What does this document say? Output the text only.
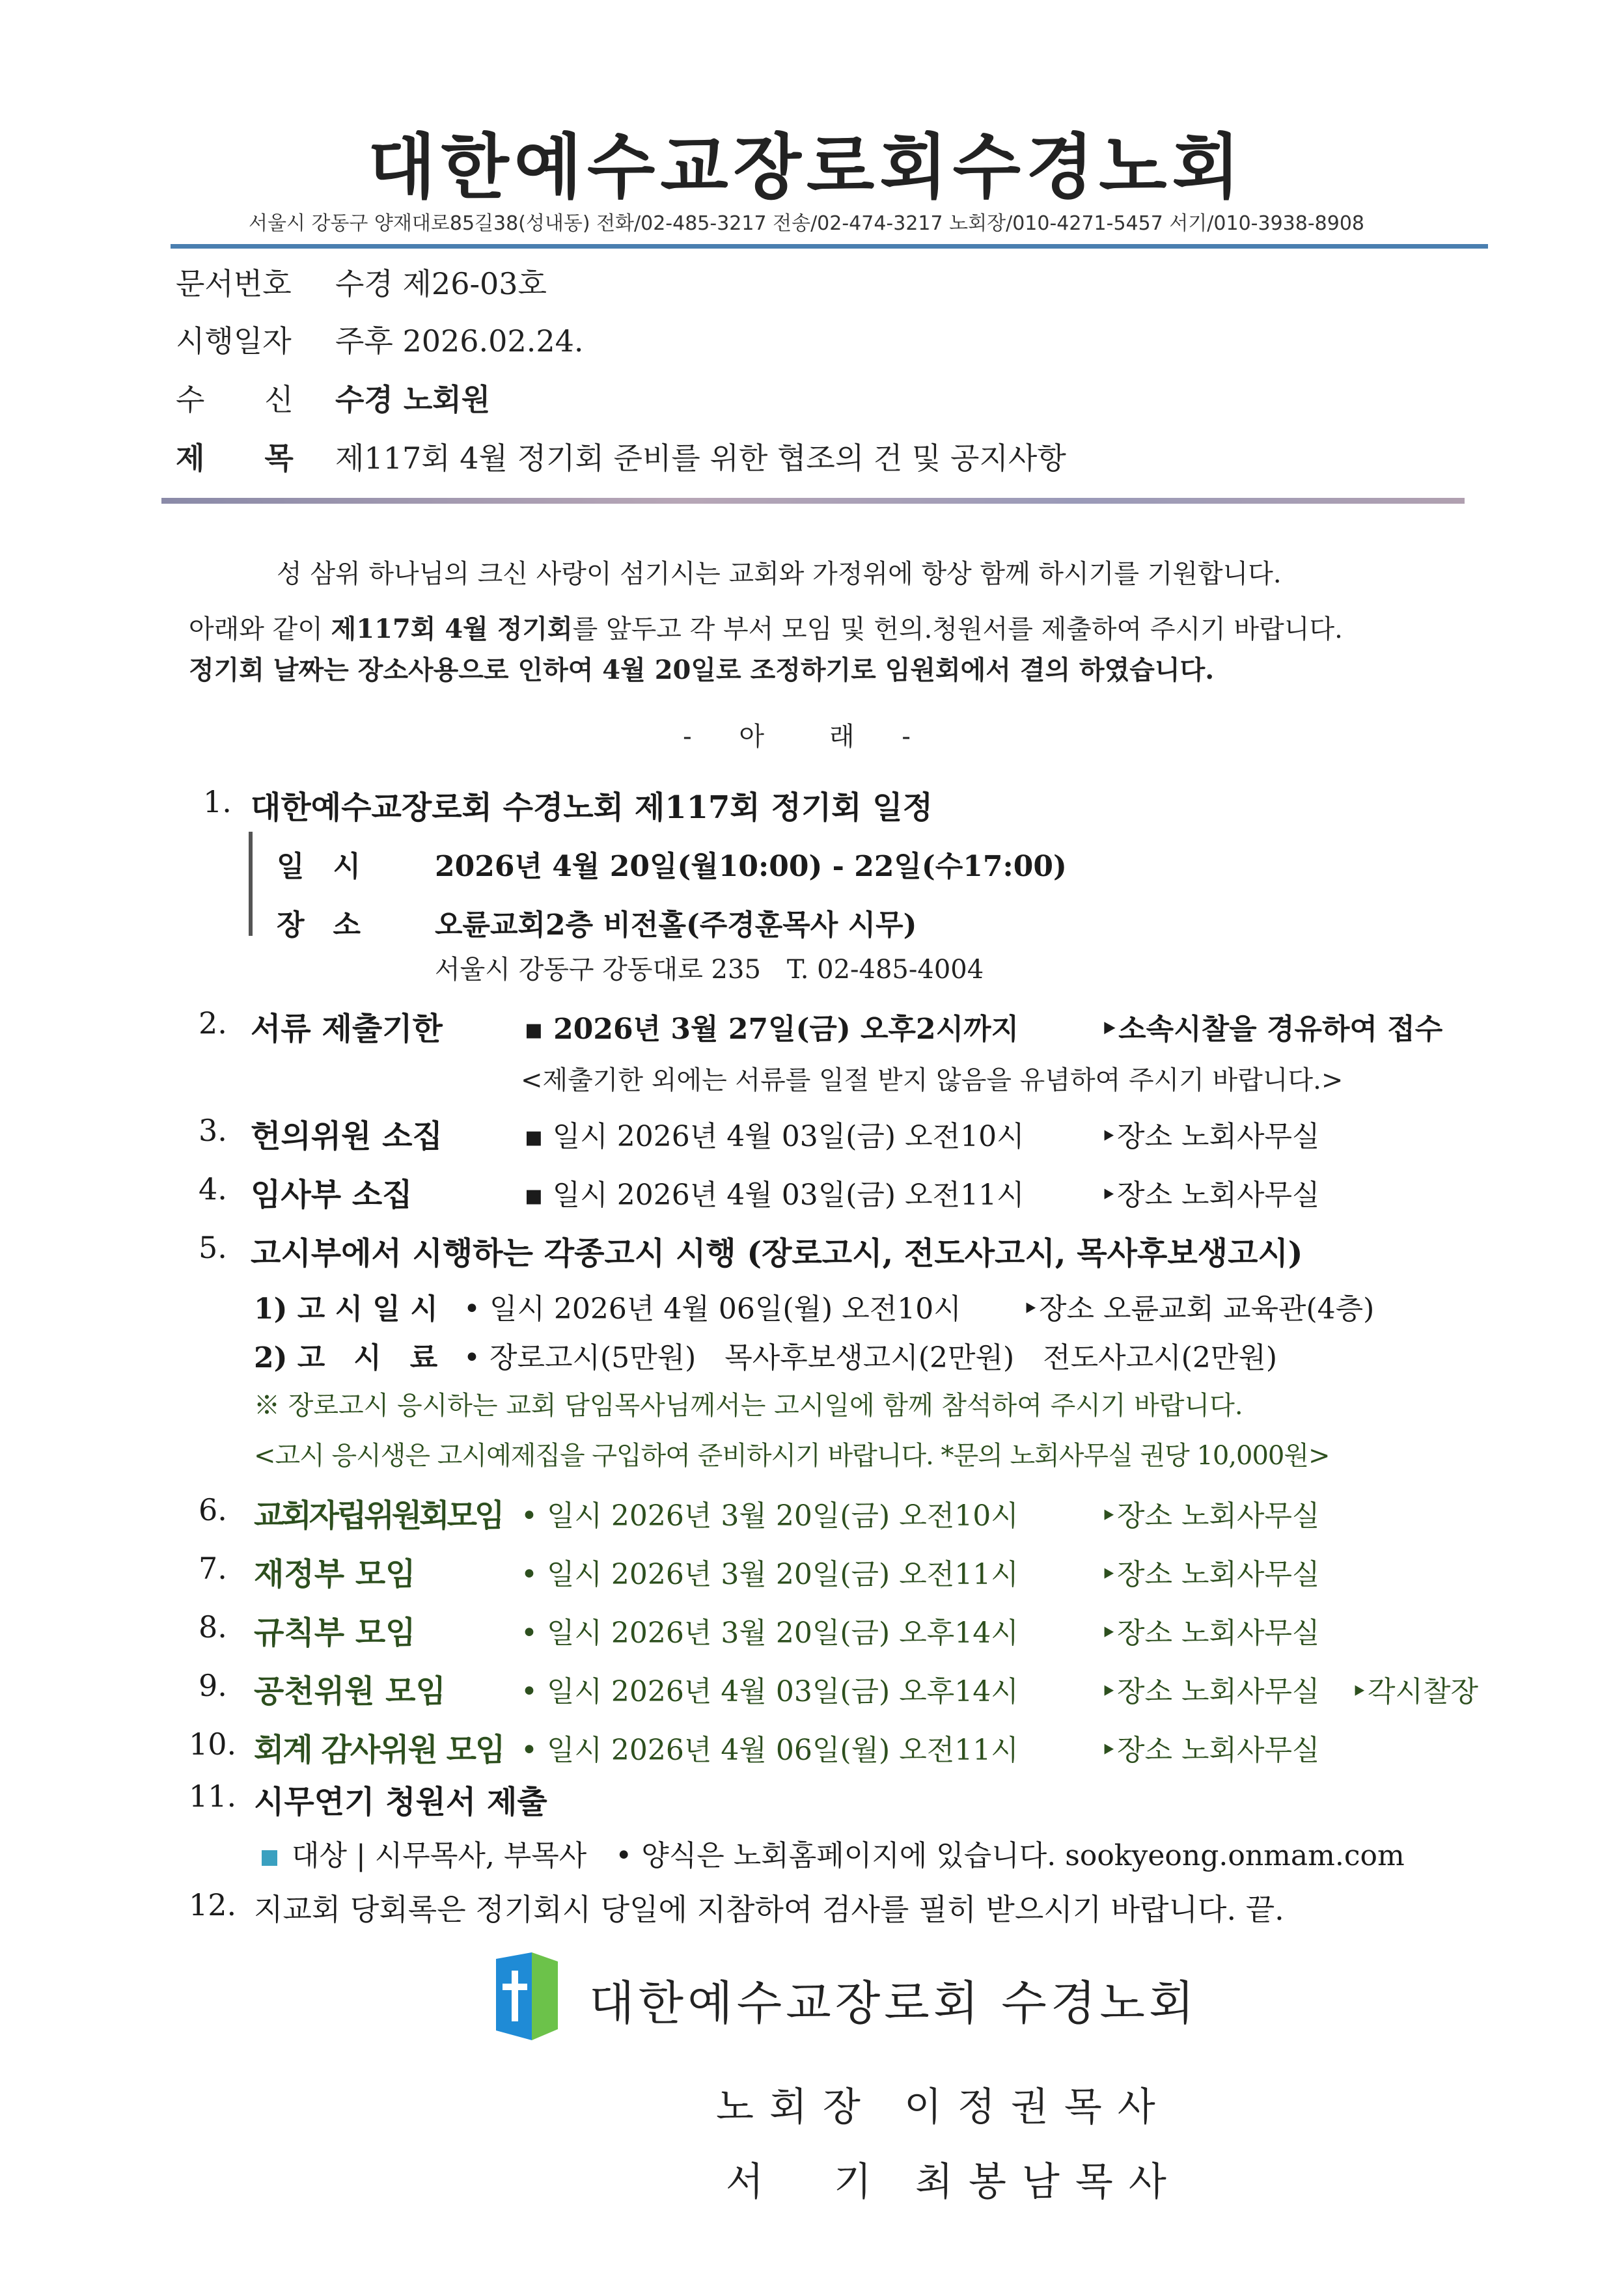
대한예수교장로회수경노회
서울시 강동구 양재대로85길38(성내동) 전화/02-485-3217 전송/02-474-3217 노회장/010-4271-5457 서기/010-3938-8908
문서번호 수경 제26-03호
시행일자 주후 2026.02.24.
수　　신 수경 노회원
제　　목 제117회 4월 정기회 준비를 위한 협조의 건 및 공지사항
성 삼위 하나님의 크신 사랑이 섬기시는 교회와 가정위에 항상 함께 하시기를 기원합니다.
아래와 같이 제117회 4월 정기회를 앞두고 각 부서 모임 및 헌의.청원서를 제출하여 주시기 바랍니다.
정기회 날짜는 장소사용으로 인하여 4월 20일로 조정하기로 임원회에서 결의 하였습니다.
- 아　래 -
1. 대한예수교장로회 수경노회 제117회 정기회 일정
일　시	2026년 4월 20일(월10:00) - 22일(수17:00)
장　소	오륜교회2층 비전홀(주경훈목사 시무)
서울시 강동구 강동대로 235　T. 02-485-4004
2. 서류 제출기한	▪ 2026년 3월 27일(금) 오후2시까지	‣소속시찰을 경유하여 접수
<제출기한 외에는 서류를 일절 받지 않음을 유념하여 주시기 바랍니다.>
3. 헌의위원 소집	▪ 일시 2026년 4월 03일(금) 오전10시	‣장소 노회사무실
4. 임사부 소집	▪ 일시 2026년 4월 03일(금) 오전11시	‣장소 노회사무실
5. 고시부에서 시행하는 각종고시 시행 (장로고시, 전도사고시, 목사후보생고시)
1) 고 시 일 시 • 일시 2026년 4월 06일(월) 오전10시 ‣장소 오륜교회 교육관(4층)
2) 고　시　료 • 장로고시(5만원)　목사후보생고시(2만원)　전도사고시(2만원)
※ 장로고시 응시하는 교회 담임목사님께서는 고시일에 함께 참석하여 주시기 바랍니다.
<고시 응시생은 고시예제집을 구입하여 준비하시기 바랍니다. *문의 노회사무실 권당 10,000원>
6. 교회자립위원회모임 • 일시 2026년 3월 20일(금) 오전10시	‣장소 노회사무실
7. 재정부 모임	• 일시 2026년 3월 20일(금) 오전11시	‣장소 노회사무실
8. 규칙부 모임	• 일시 2026년 3월 20일(금) 오후14시	‣장소 노회사무실
9. 공천위원 모임	• 일시 2026년 4월 03일(금) 오후14시	‣장소 노회사무실 ‣각시찰장
10. 회계 감사위원 모임 • 일시 2026년 4월 06일(월) 오전11시	‣장소 노회사무실
11. 시무연기 청원서 제출
대상 | 시무목사, 부목사　• 양식은 노회홈페이지에 있습니다. sookyeong.onmam.com
12. 지교회 당회록은 정기회시 당일에 지참하여 검사를 필히 받으시기 바랍니다. 끝.
대한예수교장로회 수경노회
노회장 이정권목사
서　기 최봉남목사
